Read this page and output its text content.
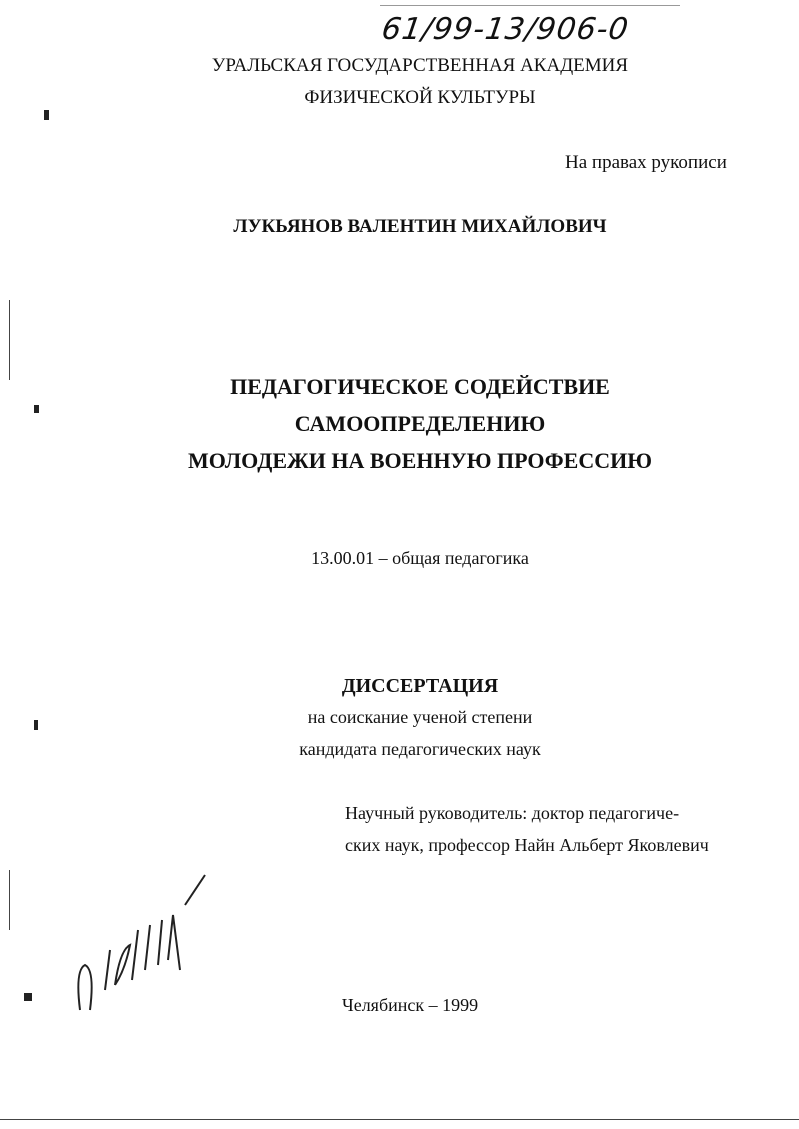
61/99-13/906-0
УРАЛЬСКАЯ ГОСУДАРСТВЕННАЯ АКАДЕМИЯ
ФИЗИЧЕСКОЙ КУЛЬТУРЫ
На правах рукописи
ЛУКЬЯНОВ ВАЛЕНТИН МИХАЙЛОВИЧ
ПЕДАГОГИЧЕСКОЕ СОДЕЙСТВИЕ
САМООПРЕДЕЛЕНИЮ
МОЛОДЕЖИ НА ВОЕННУЮ ПРОФЕССИЮ
13.00.01 – общая педагогика
ДИССЕРТАЦИЯ
на соискание ученой степени
кандидата педагогических наук
Научный руководитель: доктор педагогиче-
ских наук, профессор Найн Альберт Яковлевич
Челябинск – 1999
